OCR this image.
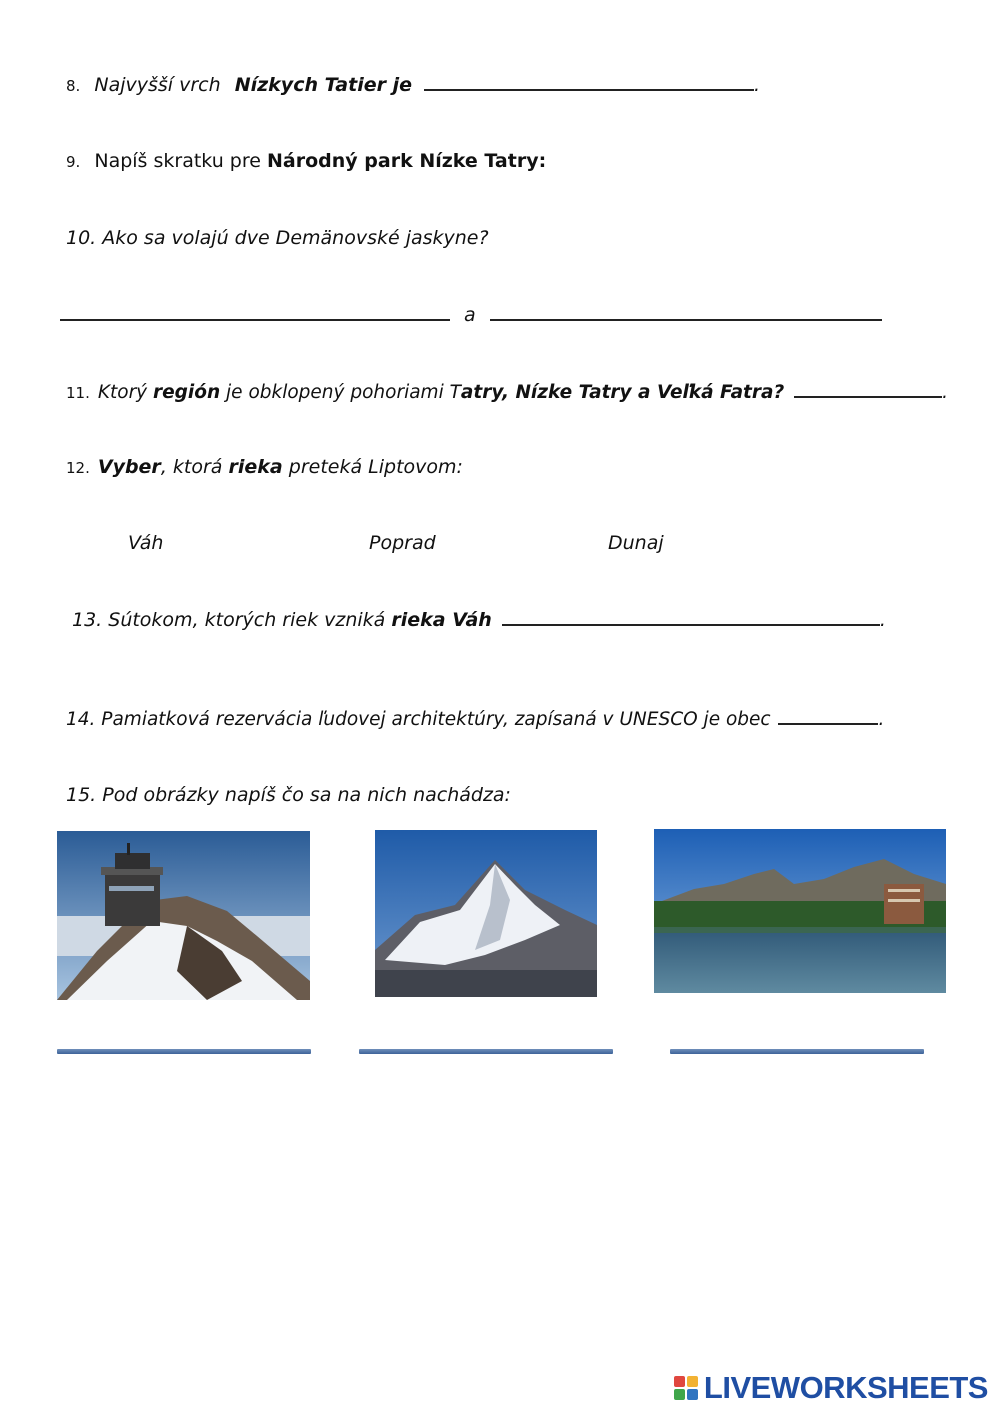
8. Najvyšší vrch Nízkych Tatier je	.
9. Napíš skratku pre Národný park Nízke Tatry:
10. Ako sa volajú dve Demänovské jaskyne?
a
11. Ktorý región je obklopený pohoriami Tatry, Nízke Tatry a Veľká Fatra?	.
12. Vyber, ktorá rieka preteká Liptovom:
Váh	Poprad	Dunaj
13. Sútokom, ktorých riek vzniká rieka Váh	.
14. Pamiatková rezervácia ľudovej architektúry, zapísaná v UNESCO je obec	.
15. Pod obrázky napíš čo sa na nich nachádza:
LIVEWORKSHEETS
